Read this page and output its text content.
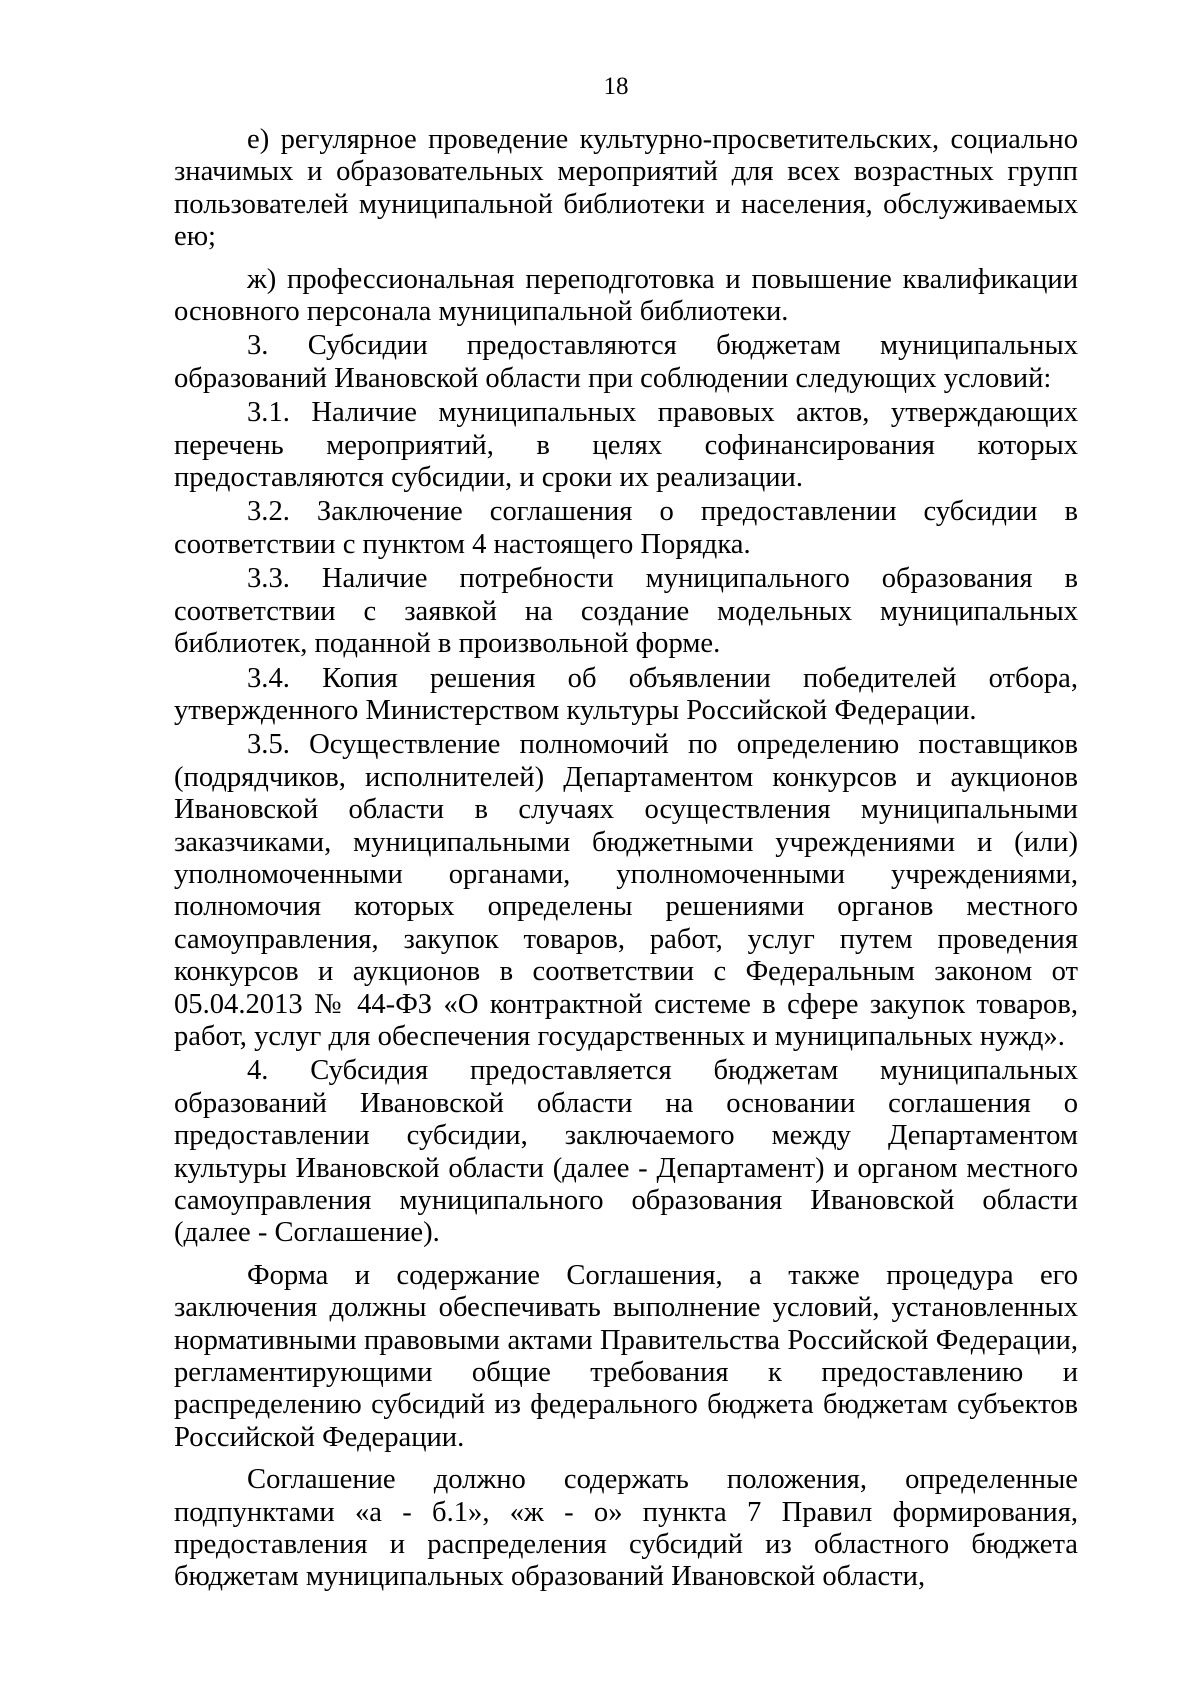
18

е) регулярное проведение культурно-просветительских, социально значимых и образовательных мероприятий для всех возрастных групп пользователей муниципальной библиотеки и населения, обслуживаемых ею;

ж) профессиональная переподготовка и повышение квалификации основного персонала муниципальной библиотеки.

3. Субсидии предоставляются бюджетам муниципальных образований Ивановской области при соблюдении следующих условий:

3.1. Наличие муниципальных правовых актов, утверждающих перечень мероприятий, в целях софинансирования которых предоставляются субсидии, и сроки их реализации.

3.2. Заключение соглашения о предоставлении субсидии в соответствии с пунктом 4 настоящего Порядка.

3.3. Наличие потребности муниципального образования в соответствии с заявкой на создание модельных муниципальных библиотек, поданной в произвольной форме.

3.4. Копия решения об объявлении победителей отбора, утвержденного Министерством культуры Российской Федерации.

3.5. Осуществление полномочий по определению поставщиков (подрядчиков, исполнителей) Департаментом конкурсов и аукционов Ивановской области в случаях осуществления муниципальными заказчиками, муниципальными бюджетными учреждениями и (или) уполномоченными органами, уполномоченными учреждениями, полномочия которых определены решениями органов местного самоуправления, закупок товаров, работ, услуг путем проведения конкурсов и аукционов в соответствии с Федеральным законом от 05.04.2013 № 44-ФЗ «О контрактной системе в сфере закупок товаров, работ, услуг для обеспечения государственных и муниципальных нужд».

4. Субсидия предоставляется бюджетам муниципальных образований Ивановской области на основании соглашения о предоставлении субсидии, заключаемого между Департаментом культуры Ивановской области (далее - Департамент) и органом местного самоуправления муниципального образования Ивановской области (далее - Соглашение).

Форма и содержание Соглашения, а также процедура его заключения должны обеспечивать выполнение условий, установленных нормативными правовыми актами Правительства Российской Федерации, регламентирующими общие требования к предоставлению и распределению субсидий из федерального бюджета бюджетам субъектов Российской Федерации.

Соглашение должно содержать положения, определенные подпунктами «а - б.1», «ж - о» пункта 7 Правил формирования, предоставления и распределения субсидий из областного бюджета бюджетам муниципальных образований Ивановской области,
